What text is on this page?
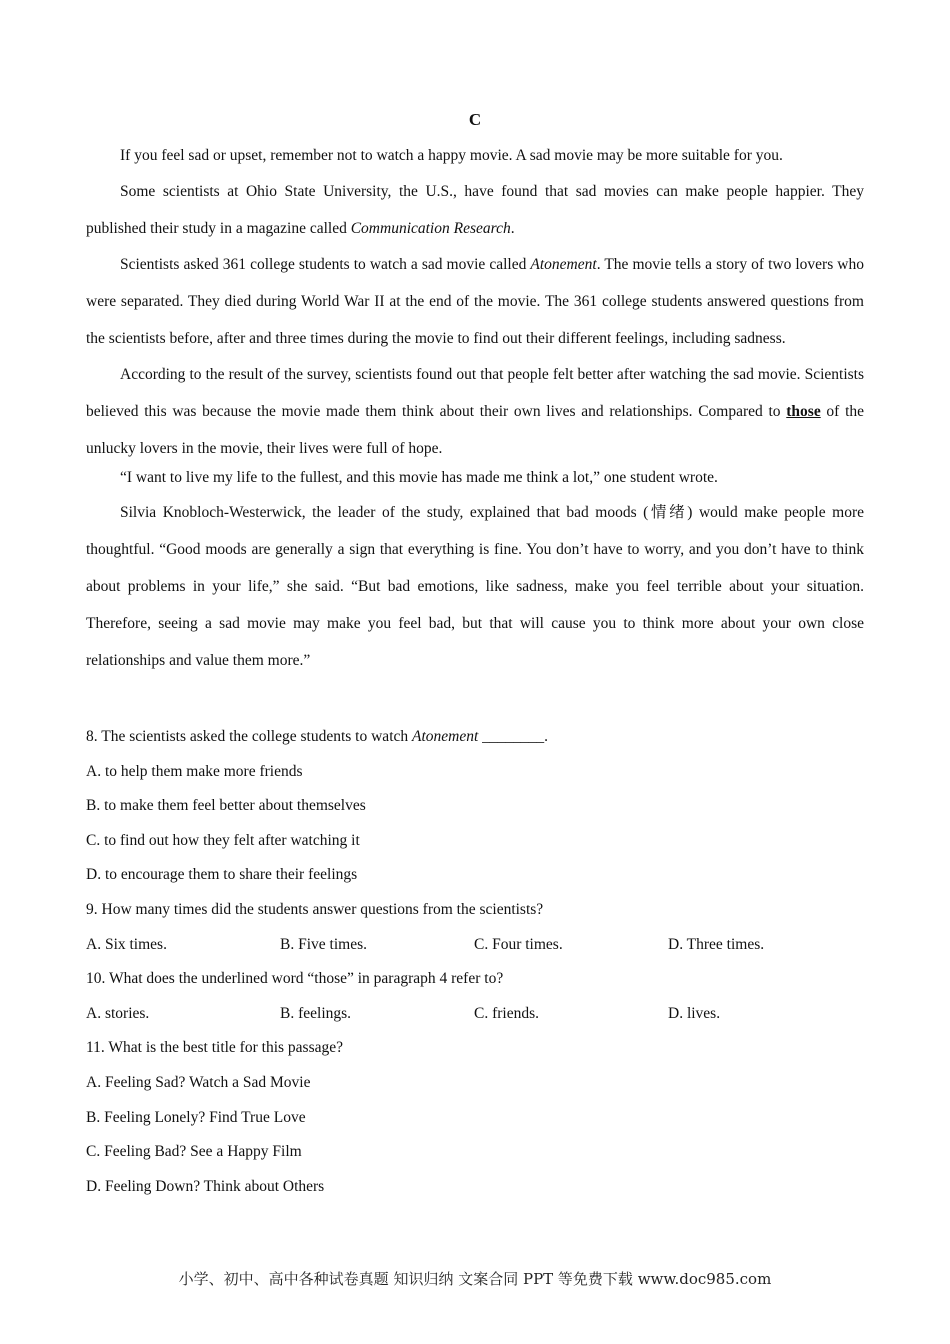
C

If you feel sad or upset, remember not to watch a happy movie. A sad movie may be more suitable for you.

Some scientists at Ohio State University, the U.S., have found that sad movies can make people happier. They published their study in a magazine called Communication Research.

Scientists asked 361 college students to watch a sad movie called Atonement. The movie tells a story of two lovers who were separated. They died during World War II at the end of the movie. The 361 college students answered questions from the scientists before, after and three times during the movie to find out their different feelings, including sadness.

According to the result of the survey, scientists found out that people felt better after watching the sad movie. Scientists believed this was because the movie made them think about their own lives and relationships. Compared to those of the unlucky lovers in the movie, their lives were full of hope.

“I want to live my life to the fullest, and this movie has made me think a lot,” one student wrote.

Silvia Knobloch-Westerwick, the leader of the study, explained that bad moods (情绪) would make people more thoughtful. “Good moods are generally a sign that everything is fine. You don’t have to worry, and you don’t have to think about problems in your life,” she said. “But bad emotions, like sadness, make you feel terrible about your situation. Therefore, seeing a sad movie may make you feel bad, but that will cause you to think more about your own close relationships and value them more.”

8. The scientists asked the college students to watch Atonement ________.
A. to help them make more friends
B. to make them feel better about themselves
C. to find out how they felt after watching it
D. to encourage them to share their feelings
9. How many times did the students answer questions from the scientists?
A. Six times.	B. Five times.	C. Four times.	D. Three times.
10. What does the underlined word “those” in paragraph 4 refer to?
A. stories.	B. feelings.	C. friends.	D. lives.
11. What is the best title for this passage?
A. Feeling Sad? Watch a Sad Movie
B. Feeling Lonely? Find True Love
C. Feeling Bad? See a Happy Film
D. Feeling Down? Think about Others
小学、初中、高中各种试卷真题 知识归纳 文案合同 PPT 等免费下载 www.doc985.com
